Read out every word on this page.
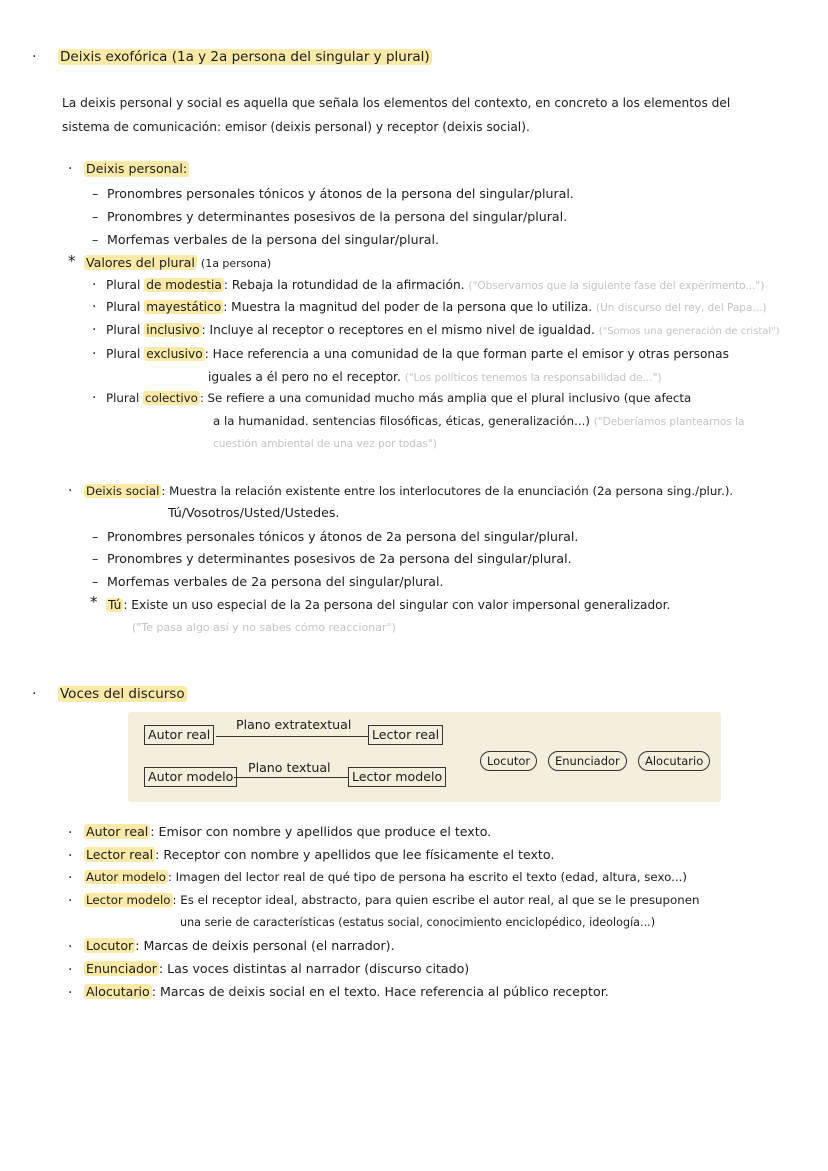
· Deixis exofórica (1a y 2a persona del singular y plural)
La deixis personal y social es aquella que señala los elementos del contexto, en concreto a los elementos del
sistema de comunicación: emisor (deixis personal) y receptor (deixis social).
· Deixis personal:
– Pronombres personales tónicos y átonos de la persona del singular/plural.
– Pronombres y determinantes posesivos de la persona del singular/plural.
– Morfemas verbales de la persona del singular/plural.
* Valores del plural (1a persona)
· Plural de modestia : Rebaja la rotundidad de la afirmación. ("Observamos que la siguiente fase del experimento...")
· Plural mayestático : Muestra la magnitud del poder de la persona que lo utiliza. (Un discurso del rey, del Papa...)
· Plural inclusivo : Incluye al receptor o receptores en el mismo nivel de igualdad. ("Somos una generación de cristal")
· Plural exclusivo : Hace referencia a una comunidad de la que forman parte el emisor y otras personas
iguales a él pero no el receptor. ("Los políticos tenemos la responsabilidad de...")
· Plural colectivo : Se refiere a una comunidad mucho más amplia que el plural inclusivo (que afecta
a la humanidad. sentencias filosóficas, éticas, generalización...) ("Deberíamos plantearnos la
cuestión ambiental de una vez por todas")
· Deixis social : Muestra la relación existente entre los interlocutores de la enunciación (2a persona sing./plur.).
Tú/Vosotros/Usted/Ustedes.
– Pronombres personales tónicos y átonos de 2a persona del singular/plural.
– Pronombres y determinantes posesivos de 2a persona del singular/plural.
– Morfemas verbales de 2a persona del singular/plural.
* Tú : Existe un uso especial de la 2a persona del singular con valor impersonal generalizador.
("Te pasa algo así y no sabes cómo reaccionar")
· Voces del discurso
Autor real
Plano extratextual
Lector real
Autor modelo
Plano textual
Lector modelo
Locutor	Enunciador	Alocutario
· Autor real : Emisor con nombre y apellidos que produce el texto.
· Lector real : Receptor con nombre y apellidos que lee físicamente el texto.
· Autor modelo : Imagen del lector real de qué tipo de persona ha escrito el texto (edad, altura, sexo...)
· Lector modelo : Es el receptor ideal, abstracto, para quien escribe el autor real, al que se le presuponen
una serie de características (estatus social, conocimiento enciclopédico, ideología...)
· Locutor : Marcas de deixis personal (el narrador).
· Enunciador : Las voces distintas al narrador (discurso citado)
· Alocutario : Marcas de deixis social en el texto. Hace referencia al público receptor.
